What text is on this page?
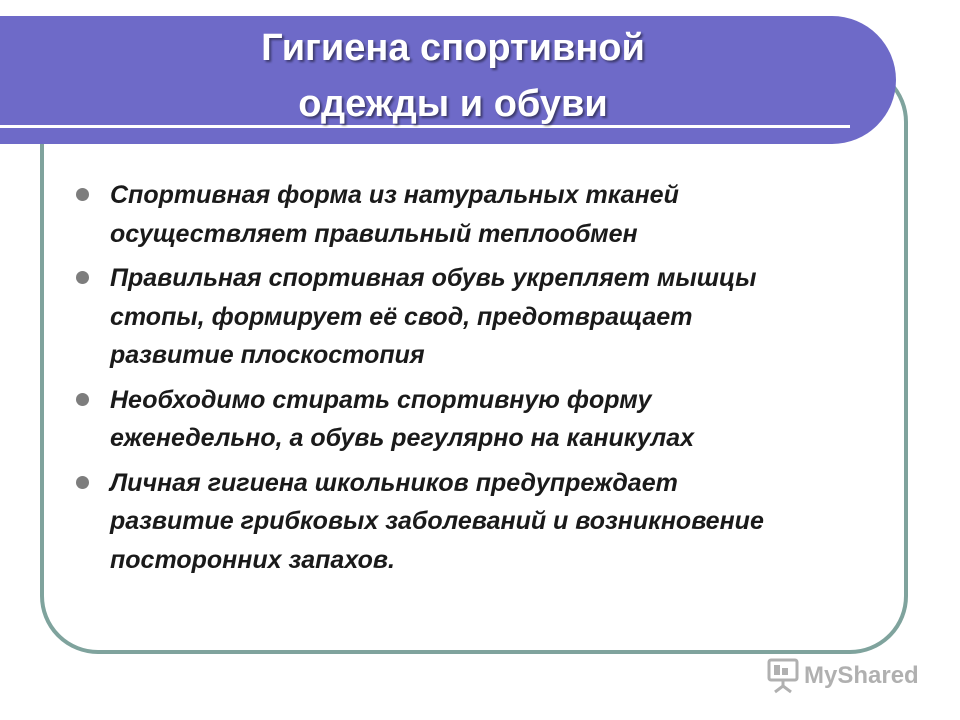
Гигиена спортивной
одежды и обуви
Спортивная форма из натуральных тканей
осуществляет правильный теплообмен
Правильная спортивная обувь укрепляет мышцы
стопы, формирует её свод, предотвращает
развитие плоскостопия
Необходимо стирать спортивную форму
еженедельно, а обувь регулярно на каникулах
Личная гигиена школьников предупреждает
развитие грибковых заболеваний и возникновение
посторонних запахов.
MyShared
